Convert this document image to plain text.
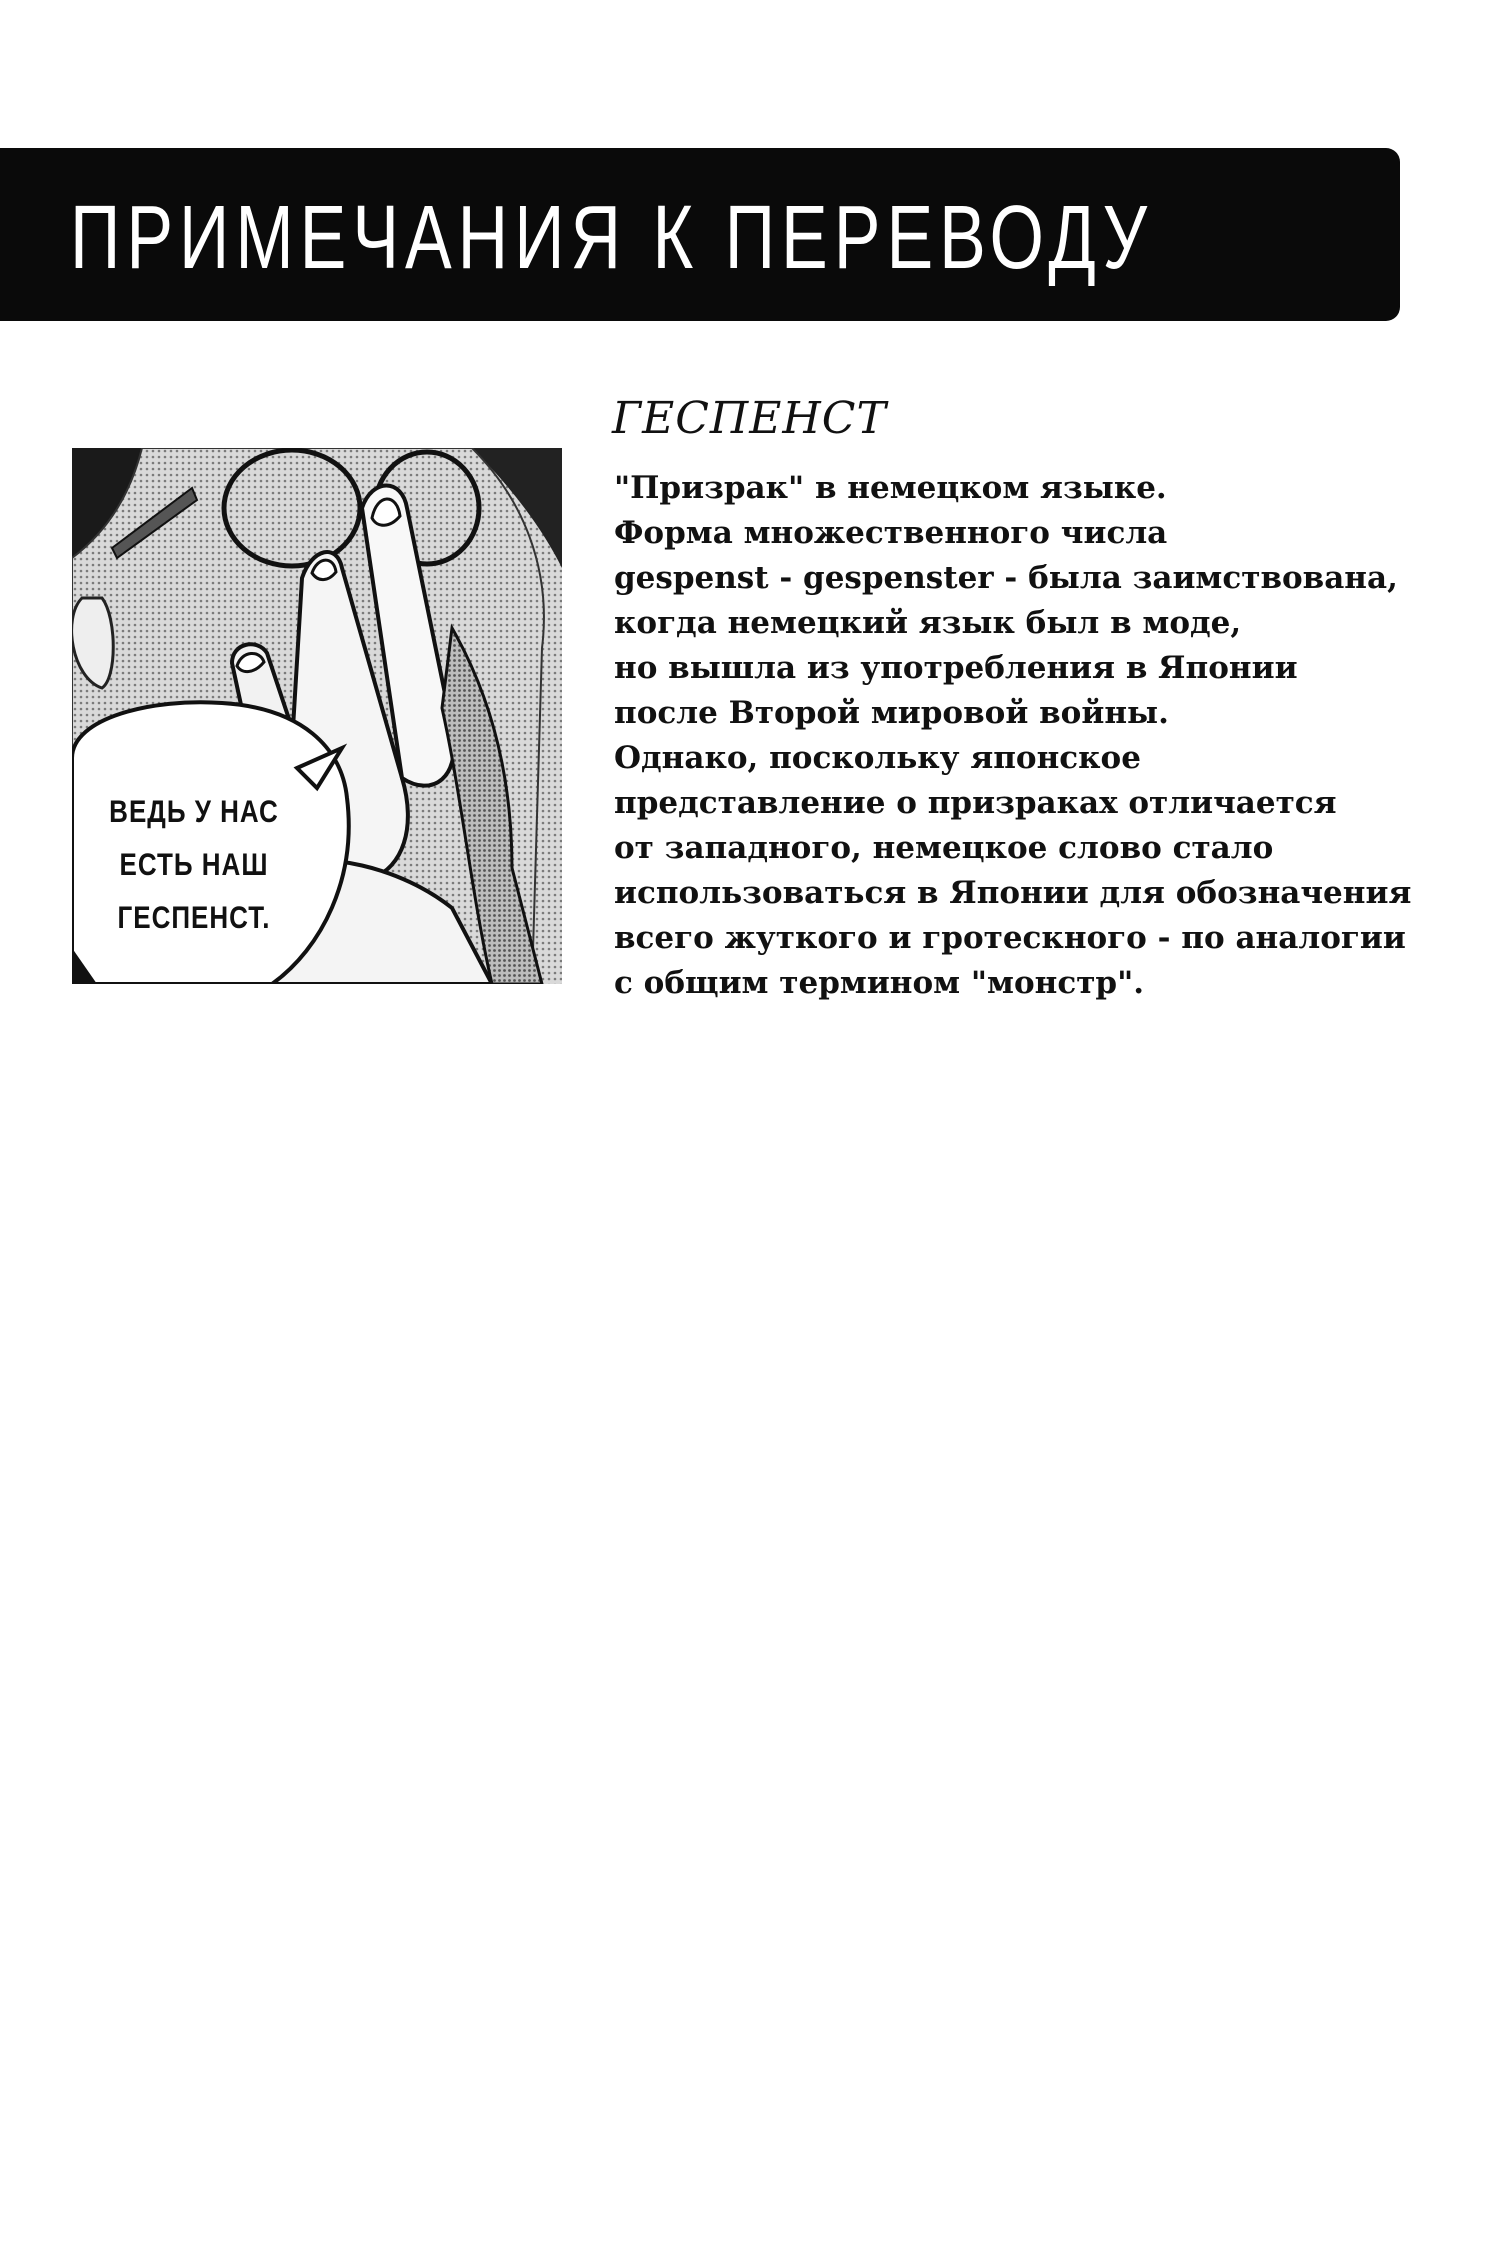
ПРИМЕЧАНИЯ К ПЕРЕВОДУ
ВЕДЬ У НАС
ЕСТЬ НАШ
ГЕСПЕНСТ.
ГЕСПЕНСТ
"Призрак" в немецком языке.
Форма множественного числа
gespenst - gespenster - была заимствована,
когда немецкий язык был в моде,
но вышла из употребления в Японии
после Второй мировой войны.
Однако, поскольку японское
представление о призраках отличается
от западного, немецкое слово стало
использоваться в Японии для обозначения
всего жуткого и гротескного - по аналогии
с общим термином "монстр".
